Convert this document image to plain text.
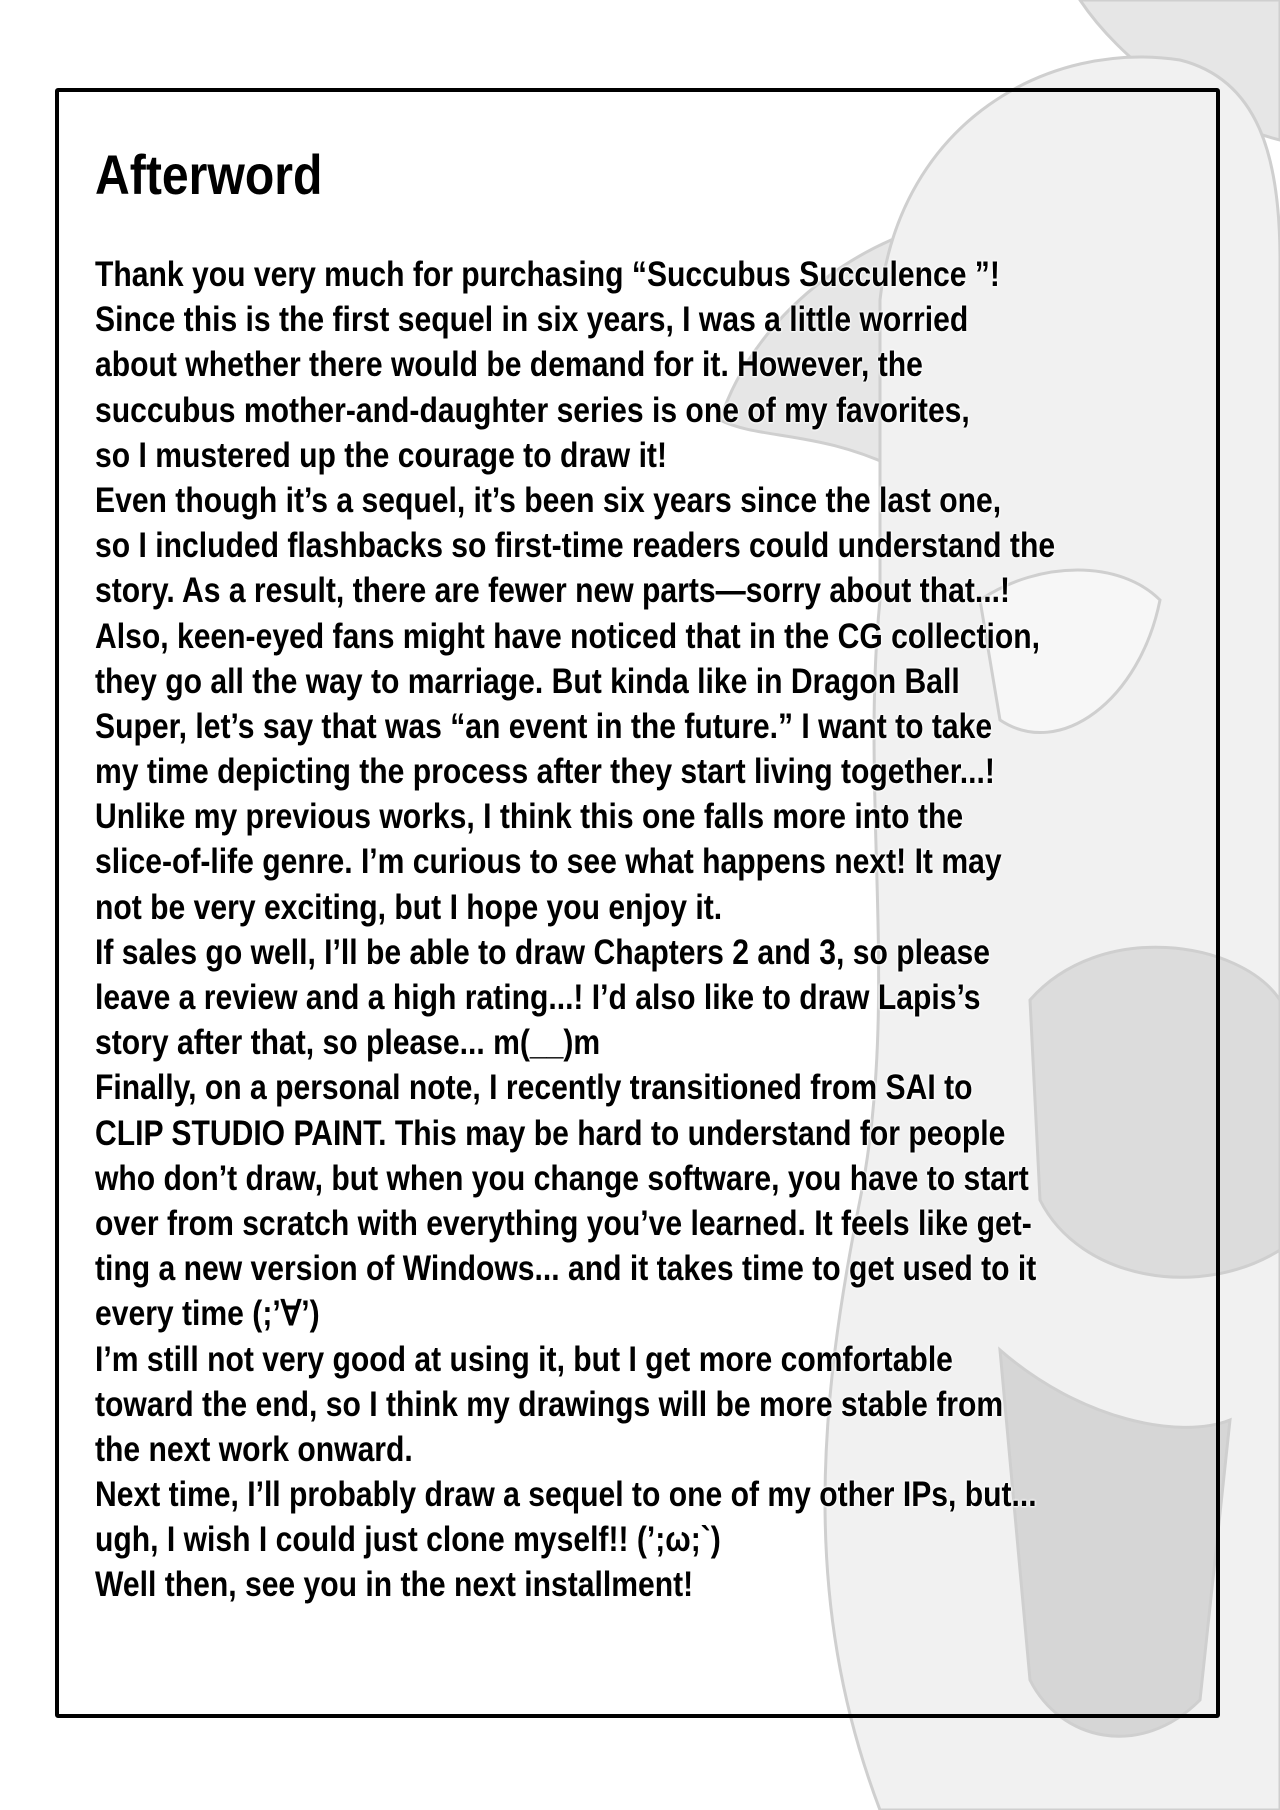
Afterword
Thank you very much for purchasing “Succubus Succulence ”!
Since this is the first sequel in six years, I was a little worried
about whether there would be demand for it. However, the
succubus mother-and-daughter series is one of my favorites,
so I mustered up the courage to draw it!
Even though it’s a sequel, it’s been six years since the last one,
so I included flashbacks so first-time readers could understand the
story. As a result, there are fewer new parts—sorry about that...!
Also, keen-eyed fans might have noticed that in the CG collection,
they go all the way to marriage. But kinda like in Dragon Ball
Super, let’s say that was “an event in the future.” I want to take
my time depicting the process after they start living together...!
Unlike my previous works, I think this one falls more into the
slice-of-life genre. I’m curious to see what happens next! It may
not be very exciting, but I hope you enjoy it.
If sales go well, I’ll be able to draw Chapters 2 and 3, so please
leave a review and a high rating...! I’d also like to draw Lapis’s
story after that, so please... m(__)m
Finally, on a personal note, I recently transitioned from SAI to
CLIP STUDIO PAINT. This may be hard to understand for people
who don’t draw, but when you change software, you have to start
over from scratch with everything you’ve learned. It feels like get-
ting a new version of Windows... and it takes time to get used to it
every time (;’∀’)
I’m still not very good at using it, but I get more comfortable
toward the end, so I think my drawings will be more stable from
the next work onward.
Next time, I’ll probably draw a sequel to one of my other IPs, but...
ugh, I wish I could just clone myself!! (’;ω;`)
Well then, see you in the next installment!
